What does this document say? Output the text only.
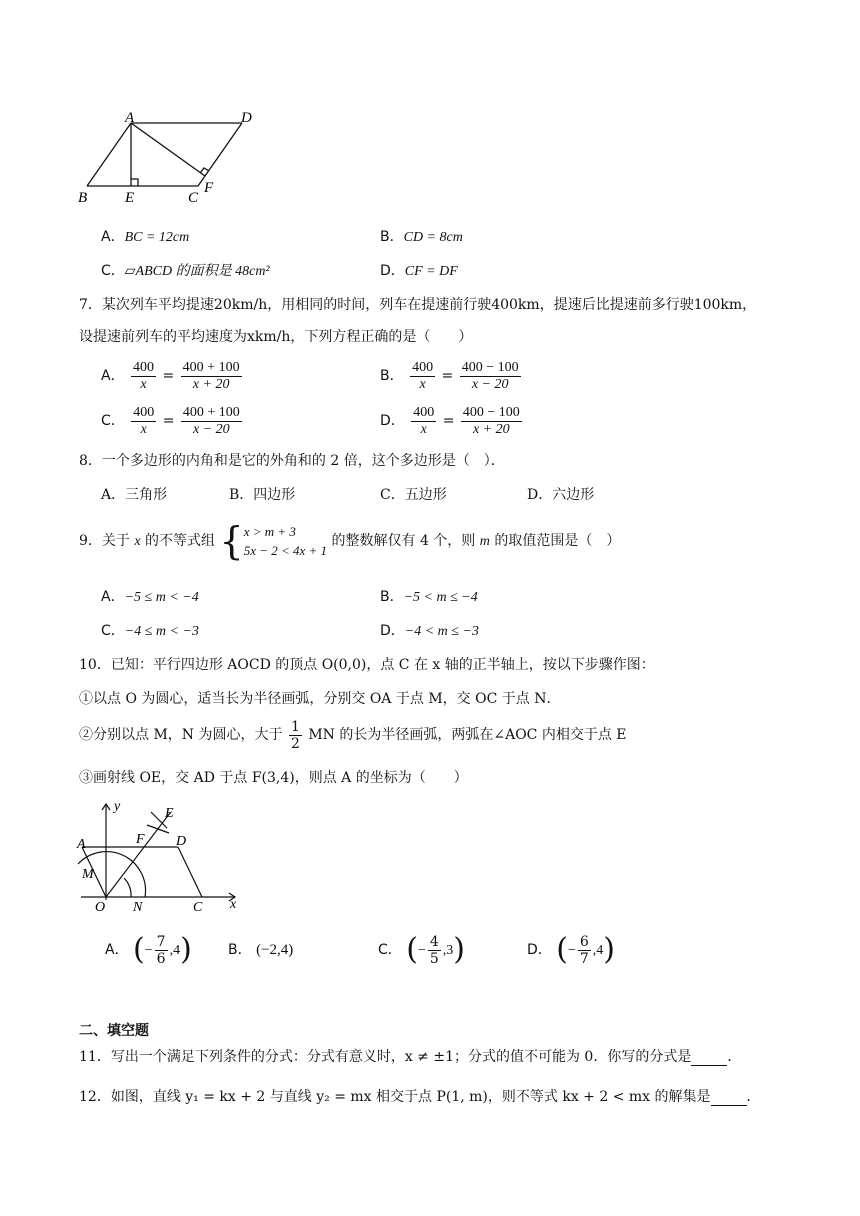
A	D
B	E	C
F
A．BC = 12cm	B．CD = 8cm
C．▱ABCD 的面积是 48cm²	D．CF = DF
7．某次列车平均提速20km/h，用相同的时间，列车在提速前行驶400km，提速后比提速前多行驶100km，
设提速前列车的平均速度为xkm/h，下列方程正确的是（　　）
A． $\frac{400}{x} = \frac{400 + 100}{x + 20}$	B． $\frac{400}{x} = \frac{400 - 100}{x - 20}$
C． $\frac{400}{x} = \frac{400 + 100}{x - 20}$	D． $\frac{400}{x} = \frac{400 - 100}{x + 20}$
8．一个多边形的内角和是它的外角和的 2 倍，这个多边形是（　）．
A．三角形	B．四边形	C．五边形	D．六边形
9．关于 x 的不等式组 { x > m + 3
5x − 2 < 4x + 1
的整数解仅有 4 个，则 m 的取值范围是（　）
A．−5 ≤ m < −4	B．−5 < m ≤ −4
C．−4 ≤ m < −3	D．−4 < m ≤ −3
10．已知：平行四边形 AOCD 的顶点 O(0,0)，点 C 在 x 轴的正半轴上，按以下步骤作图：
①以点 O 为圆心，适当长为半径画弧，分别交 OA 于点 M，交 OC 于点 N．
②分别以点 M，N 为圆心，大于 $\frac{1}{2}$ MN 的长为半径画弧，两弧在∠AOC 内相交于点 E
③画射线 OE，交 AD 于点 F(3,4)，则点 A 的坐标为（　　）
y
x
E
F D
A
M
O N	C
A． (− $\frac{7}{6} ,4$)	B． (−2,4)	C． (− $\frac{4}{5} ,3$)	D． (− $\frac{6}{7} ,4$)
二、填空题
11．写出一个满足下列条件的分式：分式有意义时，x ≠ ±1；分式的值不可能为 0．你写的分式是	．
12．如图，直线 y₁ = kx + 2 与直线 y₂ = mx 相交于点 P(1, m)，则不等式 kx + 2 < mx 的解集是	．
